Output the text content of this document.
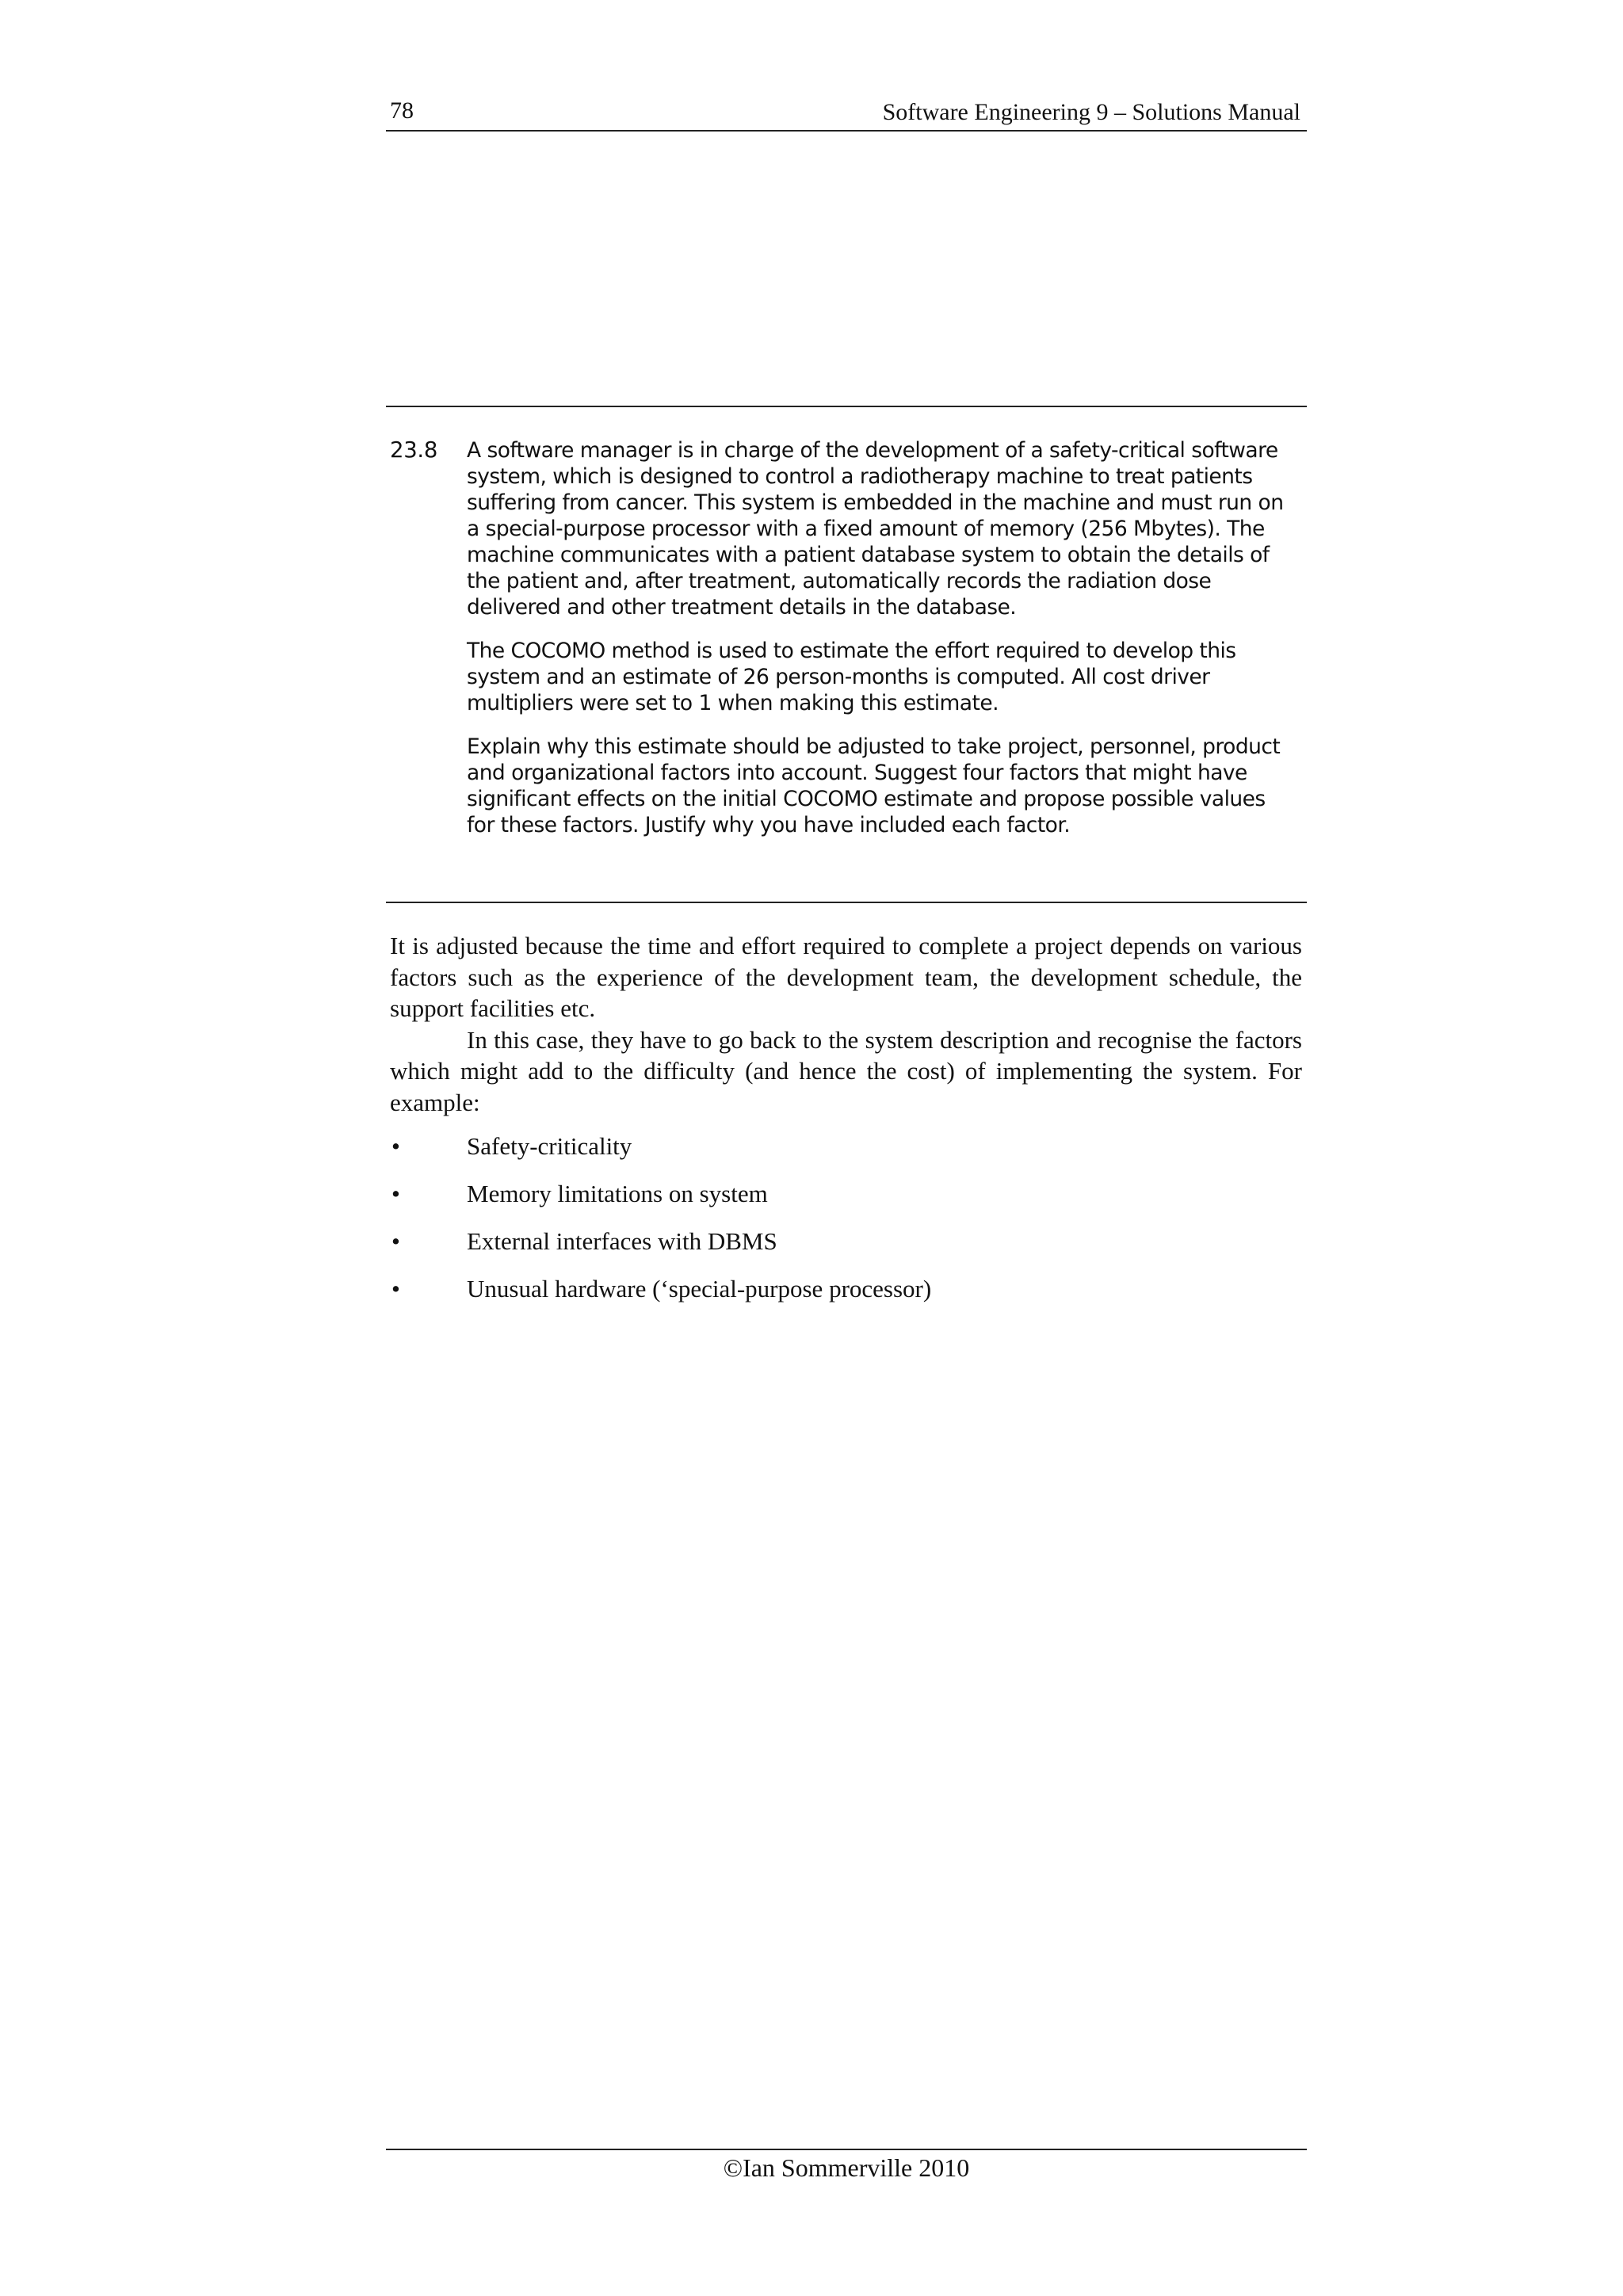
78	Software Engineering 9 – Solutions Manual
23.8 A software manager is in charge of the development of a safety-critical software system, which is designed to control a radiotherapy machine to treat patients suffering from cancer. This system is embedded in the machine and must run on a special-purpose processor with a fixed amount of memory (256 Mbytes). The machine communicates with a patient database system to obtain the details of the patient and, after treatment, automatically records the radiation dose delivered and other treatment details in the database.

The COCOMO method is used to estimate the effort required to develop this system and an estimate of 26 person-months is computed. All cost driver multipliers were set to 1 when making this estimate.

Explain why this estimate should be adjusted to take project, personnel, product and organizational factors into account. Suggest four factors that might have significant effects on the initial COCOMO estimate and propose possible values for these factors. Justify why you have included each factor.

It is adjusted because the time and effort required to complete a project depends on various factors such as the experience of the development team, the development schedule, the support facilities etc.

In this case, they have to go back to the system description and recognise the factors which might add to the difficulty (and hence the cost) of implementing the system. For example:

•	Safety-criticality
•	Memory limitations on system
•	External interfaces with DBMS
•	Unusual hardware (‘special-purpose processor)
©Ian Sommerville 2010
